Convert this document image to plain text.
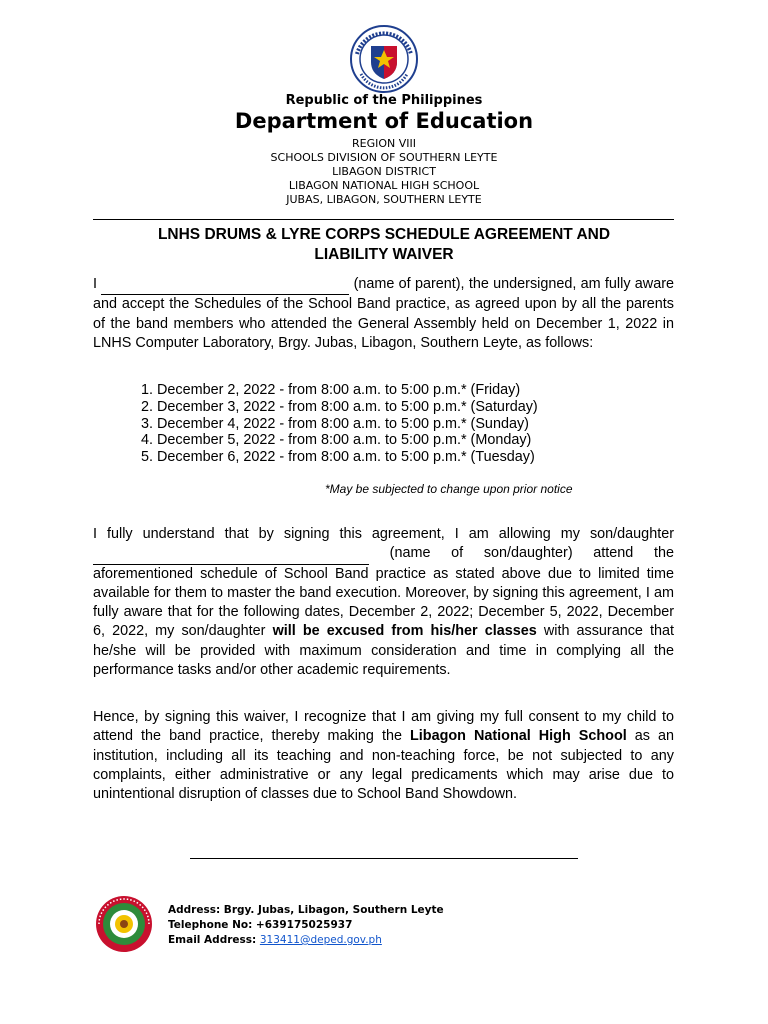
Republic of the Philippines
Department of Education
REGION VIII
SCHOOLS DIVISION OF SOUTHERN LEYTE
LIBAGON DISTRICT
LIBAGON NATIONAL HIGH SCHOOL
JUBAS, LIBAGON, SOUTHERN LEYTE
LNHS DRUMS & LYRE CORPS SCHEDULE AGREEMENT AND
LIABILITY WAIVER

I	(name of parent), the undersigned, am fully aware and accept the Schedules of the School Band practice, as agreed upon by all the parents of the band members who attended the General Assembly held on December 1, 2022 in LNHS Computer Laboratory, Brgy. Jubas, Libagon, Southern Leyte, as follows:

1. December 2, 2022 - from 8:00 a.m. to 5:00 p.m.* (Friday)
2. December 3, 2022 - from 8:00 a.m. to 5:00 p.m.* (Saturday)
3. December 4, 2022 - from 8:00 a.m. to 5:00 p.m.* (Sunday)
4. December 5, 2022 - from 8:00 a.m. to 5:00 p.m.* (Monday)
5. December 6, 2022 - from 8:00 a.m. to 5:00 p.m.* (Tuesday)
*May be subjected to change upon prior notice

I fully understand that by signing this agreement, I am allowing my son/daughter   (name of son/daughter) attend the aforementioned schedule of School Band practice as stated above due to limited time available for them to master the band execution. Moreover, by signing this agreement, I am fully aware that for the following dates, December 2, 2022; December 5, 2022, December 6, 2022, my son/daughter will be excused from his/her classes with assurance that he/she will be provided with maximum consideration and time in complying all the performance tasks and/or other academic requirements.

Hence, by signing this waiver, I recognize that I am giving my full consent to my child to attend the band practice, thereby making the Libagon National High School as an institution, including all its teaching and non-teaching force, be not subjected to any complaints, either administrative or any legal predicaments which may arise due to unintentional disruption of classes due to School Band Showdown.

Address: Brgy. Jubas, Libagon, Southern Leyte
Telephone No: +639175025937
Email Address: 313411@deped.gov.ph
